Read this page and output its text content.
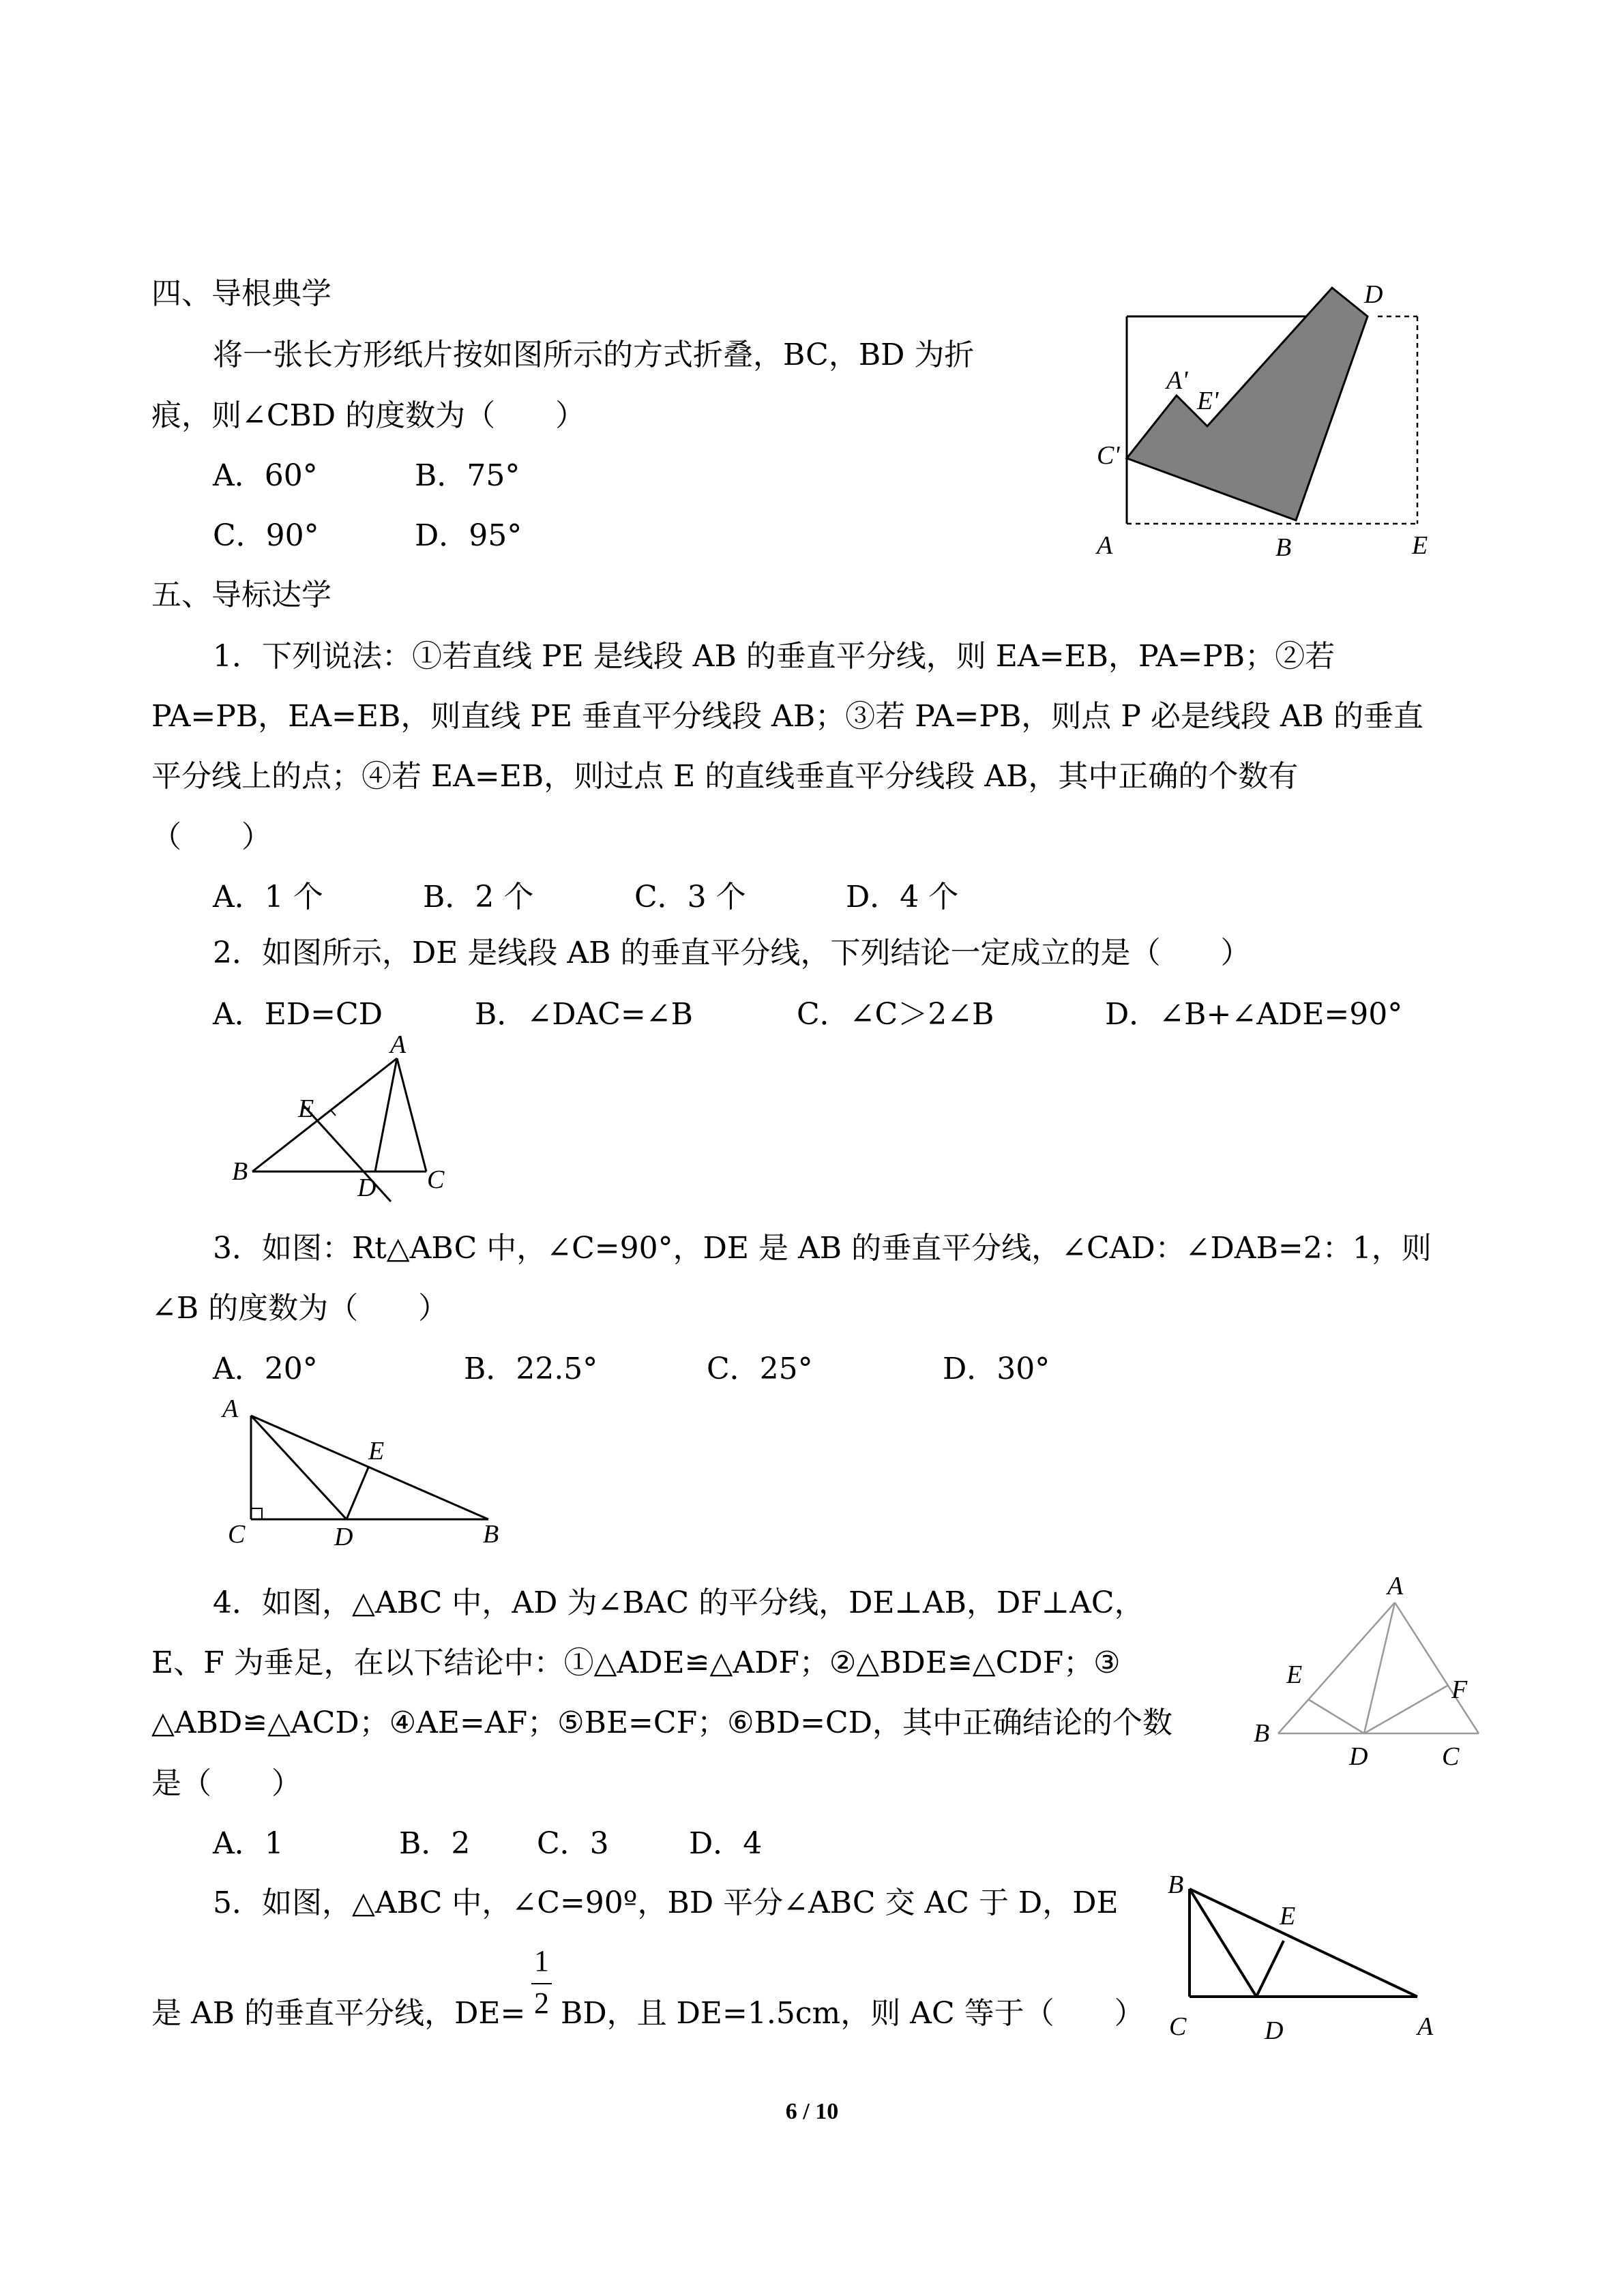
四、导根典学
将一张长方形纸片按如图所示的方式折叠，BC，BD 为折
痕，则∠CBD 的度数为（　　）
A．60°	B．75°
C．90°	D．95°	A	B
C'
D
E
A'
E'
五、导标达学
1．下列说法：①若直线 PE 是线段 AB 的垂直平分线，则 EA=EB，PA=PB；②若
PA=PB，EA=EB，则直线 PE 垂直平分线段 AB；③若 PA=PB，则点 P 必是线段 AB 的垂直
平分线上的点；④若 EA=EB，则过点 E 的直线垂直平分线段 AB，其中正确的个数有
（　　）
A．1 个	B．2 个	C．3 个	D．4 个
2．如图所示，DE 是线段 AB 的垂直平分线，下列结论一定成立的是（　　）
A．ED=CD	B．∠DAC=∠B	C．∠C＞2∠B	D．∠B+∠ADE=90°
A
B	C
D
E
3．如图：Rt△ABC 中，∠C=90°，DE 是 AB 的垂直平分线，∠CAD：∠DAB=2：1，则
∠B 的度数为（　　）
A．20°	B．22.5°	C．25°	D．30°
A
B
C	D
E
4．如图，△ABC 中，AD 为∠BAC 的平分线，DE⊥AB，DF⊥AC，
E、F 为垂足，在以下结论中：①△ADE≌△ADF；②△BDE≌△CDF；③
△ABD≌△ACD；④AE=AF；⑤BE=CF；⑥BD=CD，其中正确结论的个数
是（　　）
A．1	B．2 C．3	D．4
A
B
C
D
E
F
5．如图，△ABC 中，∠C=90º，BD 平分∠ABC 交 AC 于 D，DE
是 AB 的垂直平分线，DE=
1
2 BD，且 DE=1.5cm，则 AC 等于（　　）
B
E
C	D	A
6 / 10
